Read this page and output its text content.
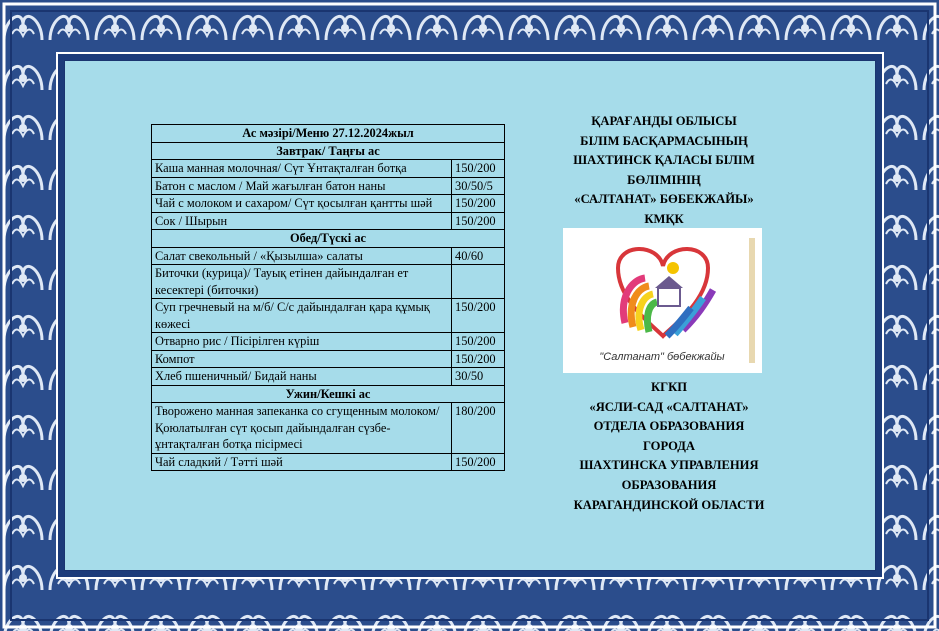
Ас мәзірі/Меню 27.12.2024жыл	
Завтрак/ Таңғы ас	
Каша манная молочная/ Сүт Ұнтақталған ботқа	150/200
Батон с маслом / Май жағылған батон наны	30/50/5
Чай с молоком и сахаром/ Сүт қосылған қантты шәй	150/200
Сок / Шырын	150/200
Обед/Түскі ас	
Салат свекольный / «Қызылша» салаты	40/60
Биточки (курица)/ Тауық етінен дайындалған ет кесектері (биточки)	
Суп гречневый на м/б/ С/с дайындалған қара құмық көжесі	150/200
Отварно рис / Пісірілген күріш	150/200
Компот	150/200
Хлеб пшеничный/ Бидай наны	30/50
Ужин/Кешкі ас	
Твороженo манная запеканка со сгущенным молоком/ Қоюлатылған сүт қосып дайындалған сүзбе-ұнтақталған ботқа пісірмесі	180/200
Чай сладкий / Тәтті шәй	150/200
ҚАРАҒАНДЫ ОБЛЫСЫ
БІЛІМ БАСҚАРМАСЫНЫҢ
ШАХТИНСК ҚАЛАСЫ БІЛІМ
БӨЛІМІНІҢ
«САЛТАНАТ» БӨБЕКЖАЙЫ»
КМҚК
"Салтанат" бөбекжайы
КГКП
«ЯСЛИ-САД «САЛТАНАТ»
ОТДЕЛА ОБРАЗОВАНИЯ
ГОРОДА
ШАХТИНСКА УПРАВЛЕНИЯ
ОБРАЗОВАНИЯ
КАРАГАНДИНСКОЙ ОБЛАСТИ
